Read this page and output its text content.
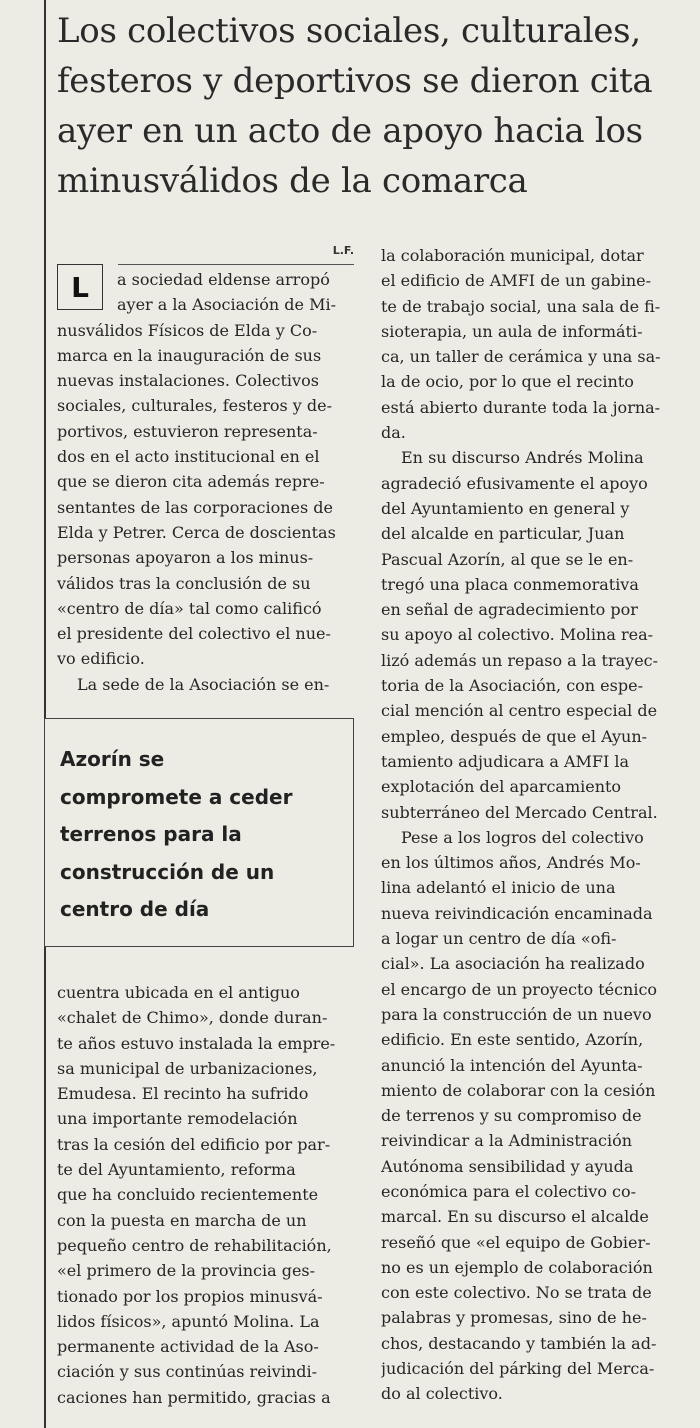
Los colectivos sociales, culturales,
festeros y deportivos se dieron cita
ayer en un acto de apoyo hacia los
minusválidos de la comarca
L.F.
L	a sociedad eldense arropó
ayer a la Asociación de Mi-
nusválidos Físicos de Elda y Co-
marca en la inauguración de sus
nuevas instalaciones. Colectivos
sociales, culturales, festeros y de-
portivos, estuvieron representa-
dos en el acto institucional en el
que se dieron cita además repre-
sentantes de las corporaciones de
Elda y Petrer. Cerca de doscientas
personas apoyaron a los minus-
válidos tras la conclusión de su
«centro de día» tal como calificó
el presidente del colectivo el nue-
vo edificio.
La sede de la Asociación se en-
Azorín se
compromete a ceder
terrenos para la
construcción de un
centro de día
cuentra ubicada en el antiguo
«chalet de Chimo», donde duran-
te años estuvo instalada la empre-
sa municipal de urbanizaciones,
Emudesa. El recinto ha sufrido
una importante remodelación
tras la cesión del edificio por par-
te del Ayuntamiento, reforma
que ha concluido recientemente
con la puesta en marcha de un
pequeño centro de rehabilitación,
«el primero de la provincia ges-
tionado por los propios minusvá-
lidos físicos», apuntó Molina. La
permanente actividad de la Aso-
ciación y sus continúas reivindi-
caciones han permitido, gracias a
la colaboración municipal, dotar
el edificio de AMFI de un gabine-
te de trabajo social, una sala de fi-
sioterapia, un aula de informáti-
ca, un taller de cerámica y una sa-
la de ocio, por lo que el recinto
está abierto durante toda la jorna-
da.
En su discurso Andrés Molina
agradeció efusivamente el apoyo
del Ayuntamiento en general y
del alcalde en particular, Juan
Pascual Azorín, al que se le en-
tregó una placa conmemorativa
en señal de agradecimiento por
su apoyo al colectivo. Molina rea-
lizó además un repaso a la trayec-
toria de la Asociación, con espe-
cial mención al centro especial de
empleo, después de que el Ayun-
tamiento adjudicara a AMFI la
explotación del aparcamiento
subterráneo del Mercado Central.
Pese a los logros del colectivo
en los últimos años, Andrés Mo-
lina adelantó el inicio de una
nueva reivindicación encaminada
a logar un centro de día «ofi-
cial». La asociación ha realizado
el encargo de un proyecto técnico
para la construcción de un nuevo
edificio. En este sentido, Azorín,
anunció la intención del Ayunta-
miento de colaborar con la cesión
de terrenos y su compromiso de
reivindicar a la Administración
Autónoma sensibilidad y ayuda
económica para el colectivo co-
marcal. En su discurso el alcalde
reseñó que «el equipo de Gobier-
no es un ejemplo de colaboración
con este colectivo. No se trata de
palabras y promesas, sino de he-
chos, destacando y también la ad-
judicación del párking del Merca-
do al colectivo.
